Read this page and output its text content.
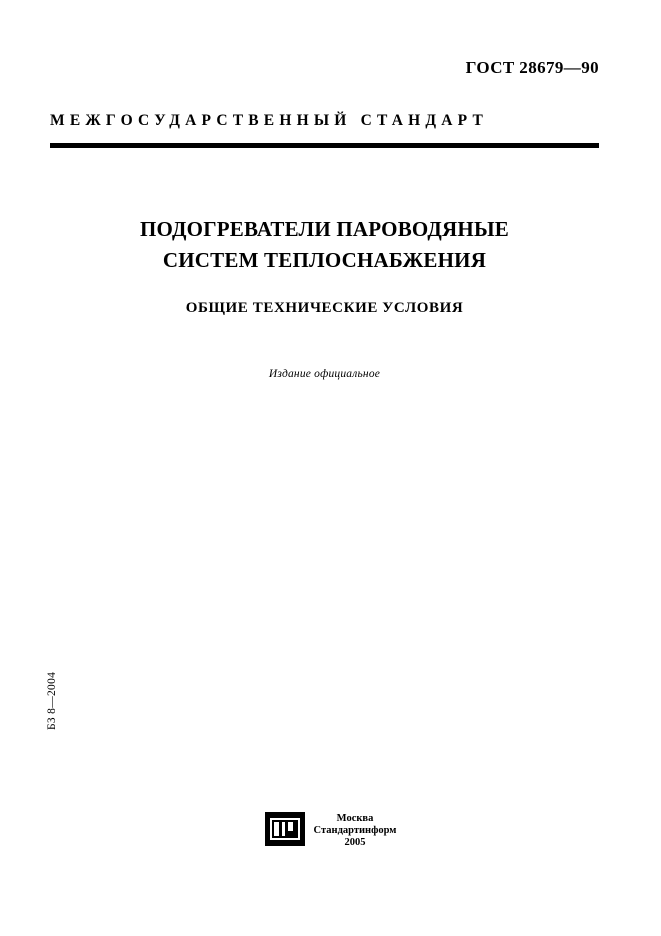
ГОСТ 28679—90
МЕЖГОСУДАРСТВЕННЫЙ СТАНДАРТ
ПОДОГРЕВАТЕЛИ ПАРОВОДЯНЫЕ
СИСТЕМ ТЕПЛОСНАБЖЕНИЯ
ОБЩИЕ ТЕХНИЧЕСКИЕ УСЛОВИЯ
Издание официальное
БЗ 8—2004
Москва
Стандартинформ
2005
